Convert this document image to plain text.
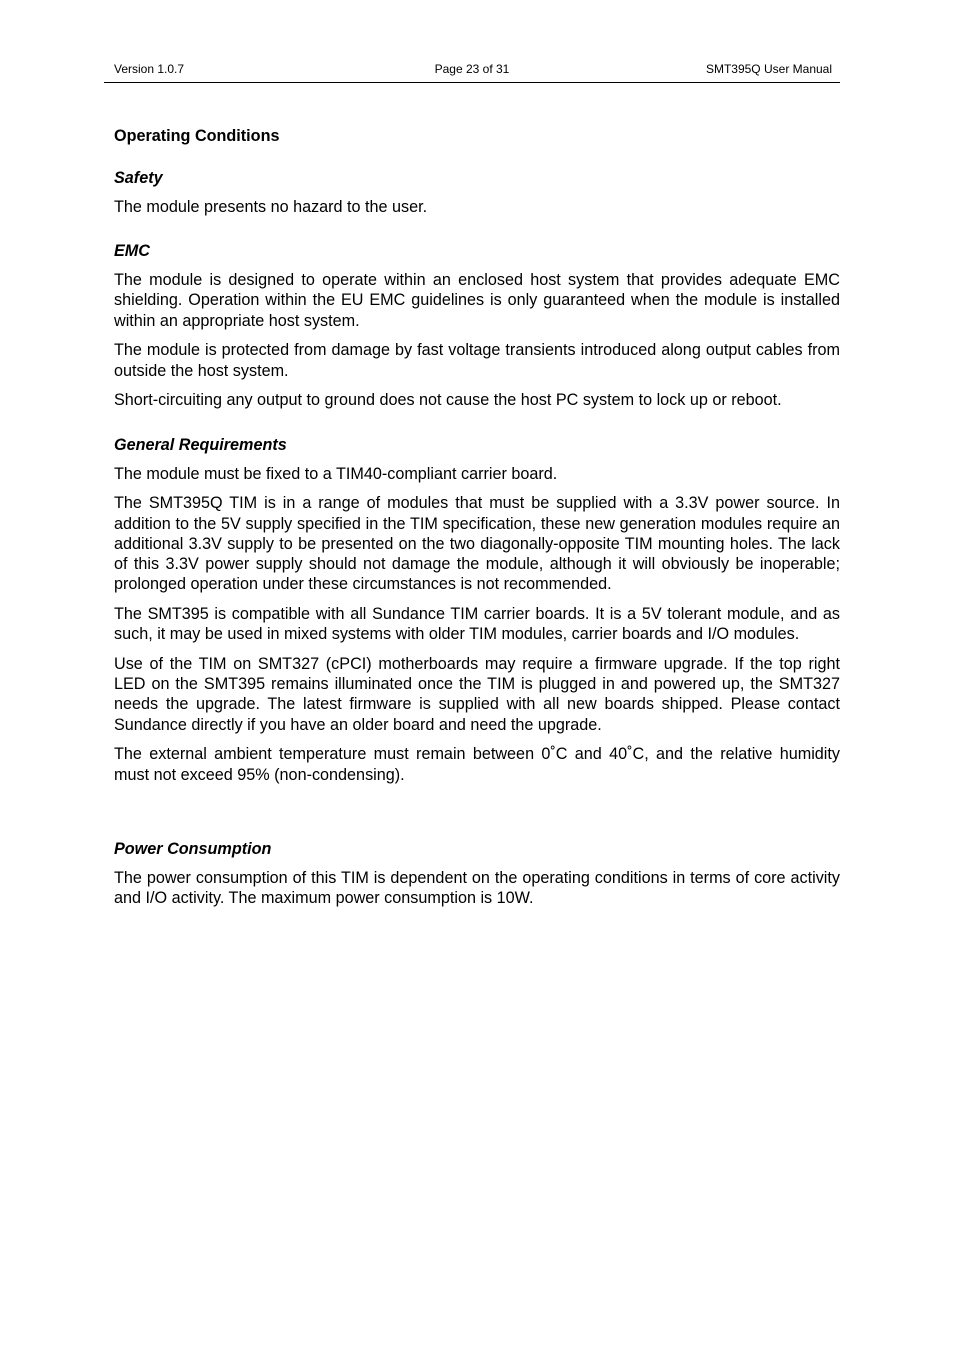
Version 1.0.7	Page 23 of 31	SMT395Q User Manual
Operating Conditions
Safety

The module presents no hazard to the user.

EMC

The module is designed to operate within an enclosed host system that provides adequate EMC shielding. Operation within the EU EMC guidelines is only guaranteed when the module is installed within an appropriate host system.

The module is protected from damage by fast voltage transients introduced along output cables from outside the host system.

Short-circuiting any output to ground does not cause the host PC system to lock up or reboot.

General Requirements

The module must be fixed to a TIM40-compliant carrier board.

The SMT395Q TIM is in a range of modules that must be supplied with a 3.3V power source. In addition to the 5V supply specified in the TIM specification, these new generation modules require an additional 3.3V supply to be presented on the two diagonally-opposite TIM mounting holes. The lack of this 3.3V power supply should not damage the module, although it will obviously be inoperable; prolonged operation under these circumstances is not recommended.

The SMT395 is compatible with all Sundance TIM carrier boards. It is a 5V tolerant module, and as such, it may be used in mixed systems with older TIM modules, carrier boards and I/O modules.

Use of the TIM on SMT327 (cPCI) motherboards may require a firmware upgrade. If the top right LED on the SMT395 remains illuminated once the TIM is plugged in and powered up, the SMT327 needs the upgrade. The latest firmware is supplied with all new boards shipped. Please contact Sundance directly if you have an older board and need the upgrade.

The external ambient temperature must remain between 0˚C and 40˚C, and the relative humidity must not exceed 95% (non-condensing).

Power Consumption

The power consumption of this TIM is dependent on the operating conditions in terms of core activity and I/O activity. The maximum power consumption is 10W.
